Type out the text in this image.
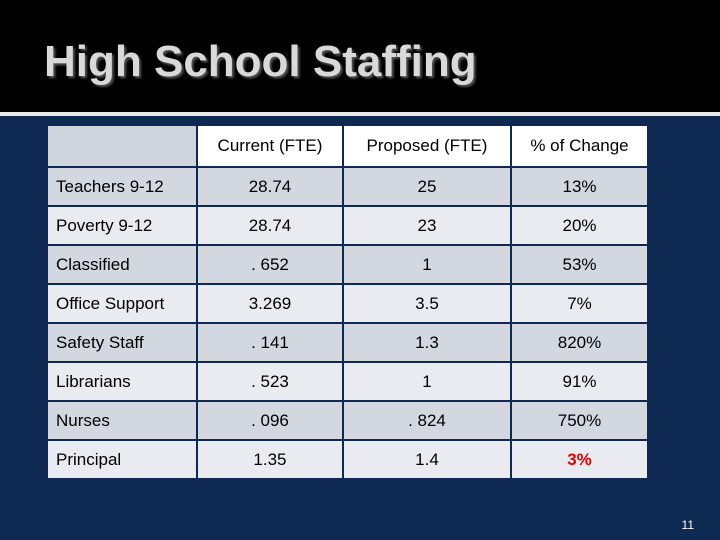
High School Staffing
	Current (FTE)	Proposed (FTE)	% of Change
Teachers 9-12	28.74	25	13%
Poverty 9-12	28.74	23	20%
Classified	. 652	1	53%
Office Support	3.269	3.5	7%
Safety Staff	. 141	1.3	820%
Librarians	. 523	1	91%
Nurses	. 096	. 824	750%
Principal	1.35	1.4	3%
11
